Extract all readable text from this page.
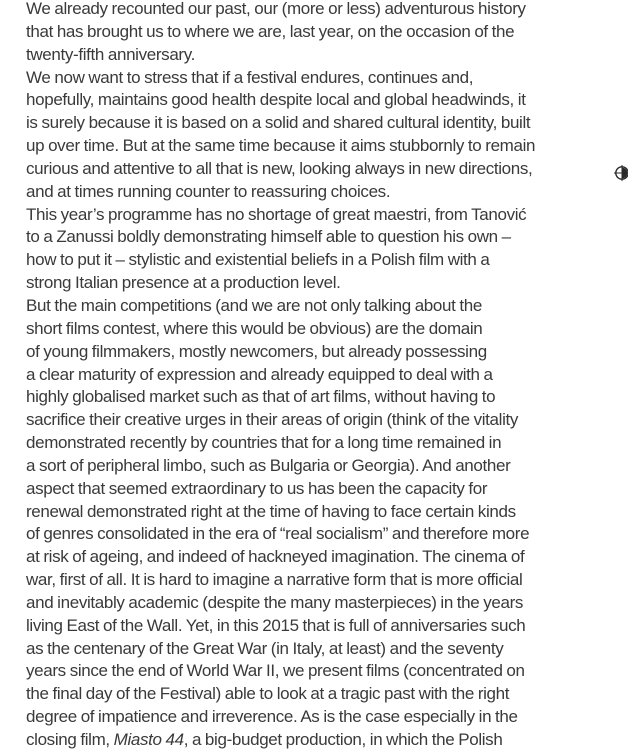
We already recounted our past, our (more or less) adventurous history
that has brought us to where we are, last year, on the occasion of the
twenty-fifth anniversary.
We now want to stress that if a festival endures, continues and,
hopefully, maintains good health despite local and global headwinds, it
is surely because it is based on a solid and shared cultural identity, built
up over time. But at the same time because it aims stubbornly to remain
curious and attentive to all that is new, looking always in new directions,
and at times running counter to reassuring choices.
This year’s programme has no shortage of great maestri, from Tanović
to a Zanussi boldly demonstrating himself able to question his own –
how to put it – stylistic and existential beliefs in a Polish film with a
strong Italian presence at a production level.
But the main competitions (and we are not only talking about the
short films contest, where this would be obvious) are the domain
of young filmmakers, mostly newcomers, but already possessing
a clear maturity of expression and already equipped to deal with a
highly globalised market such as that of art films, without having to
sacrifice their creative urges in their areas of origin (think of the vitality
demonstrated recently by countries that for a long time remained in
a sort of peripheral limbo, such as Bulgaria or Georgia). And another
aspect that seemed extraordinary to us has been the capacity for
renewal demonstrated right at the time of having to face certain kinds
of genres consolidated in the era of “real socialism” and therefore more
at risk of ageing, and indeed of hackneyed imagination. The cinema of
war, first of all. It is hard to imagine a narrative form that is more official
and inevitably academic (despite the many masterpieces) in the years
living East of the Wall. Yet, in this 2015 that is full of anniversaries such
as the centenary of the Great War (in Italy, at least) and the seventy
years since the end of World War II, we present films (concentrated on
the final day of the Festival) able to look at a tragic past with the right
degree of impatience and irreverence. As is the case especially in the
closing film, Miasto 44, a big-budget production, in which the Polish
